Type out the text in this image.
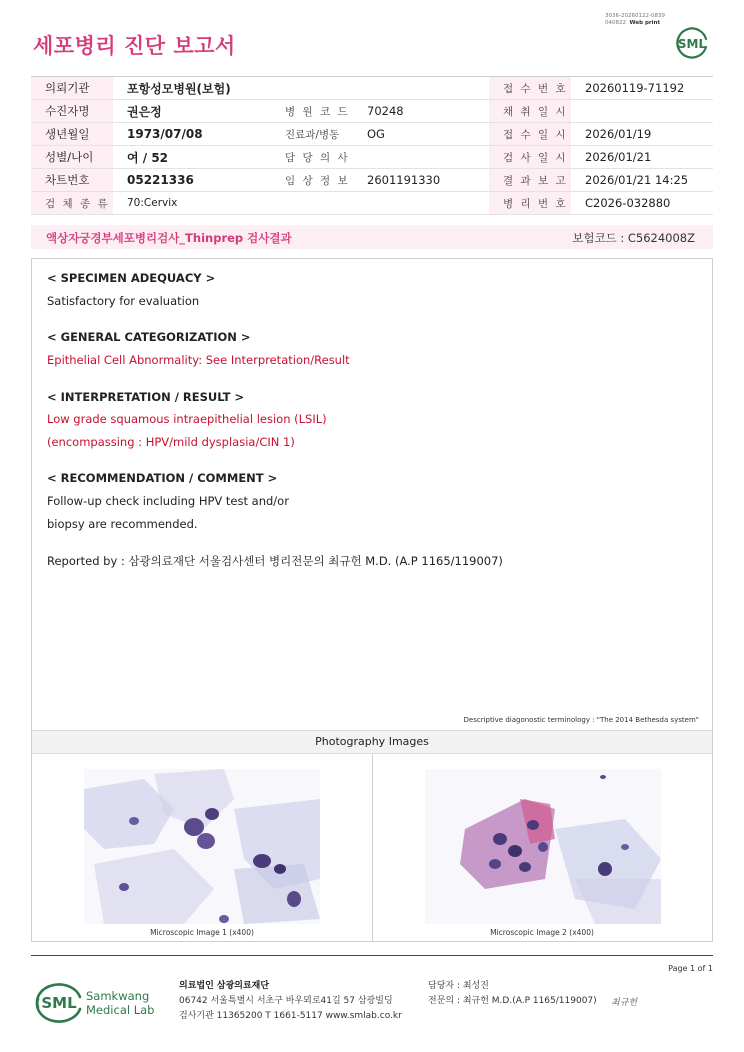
3036-20260122-0839
040822 Web print
세포병리 진단 보고서	SML
의뢰기관	포항성모병원(보험)			접 수 번 호	20260119-71192
수진자명	권은정	병 원 코 드	70248	채 취 일 시	
생년월일	1973/07/08	진료과/병동	OG	접 수 일 시	2026/01/19
성별/나이	여 / 52	담 당 의 사		검 사 일 시	2026/01/21
차트번호	05221336	임 상 정 보	2601191330	결 과 보 고	2026/01/21 14:25
검 체 종 류	70:Cervix			병 리 번 호	C2026-032880
액상자궁경부세포병리검사_Thinprep 검사결과	보험코드 : C5624008Z
< SPECIMEN ADEQUACY >
Satisfactory for evaluation
< GENERAL CATEGORIZATION >
Epithelial Cell Abnormality: See Interpretation/Result
< INTERPRETATION / RESULT >
Low grade squamous intraepithelial lesion (LSIL)
(encompassing : HPV/mild dysplasia/CIN 1)
< RECOMMENDATION / COMMENT >
Follow-up check including HPV test and/or
biopsy are recommended.
Reported by : 삼광의료재단 서울검사센터 병리전문의 최규헌 M.D. (A.P 1165/119007)
Descriptive diagonostic terminology : "The 2014 Bethesda system"
Photography Images
Microscopic Image 1 (x400)	Microscopic Image 2 (x400)
Page 1 of 1
SML Samkwang
Medical Lab
의료법인 삼광의료재단
06742 서울특별시 서초구 바우뫼로41길 57 삼광빌딩
검사기관 11365200 T 1661-5117 www.smlab.co.kr
담당자 : 최성진
전문의 : 최규헌 M.D.(A.P 1165/119007) 최규헌
